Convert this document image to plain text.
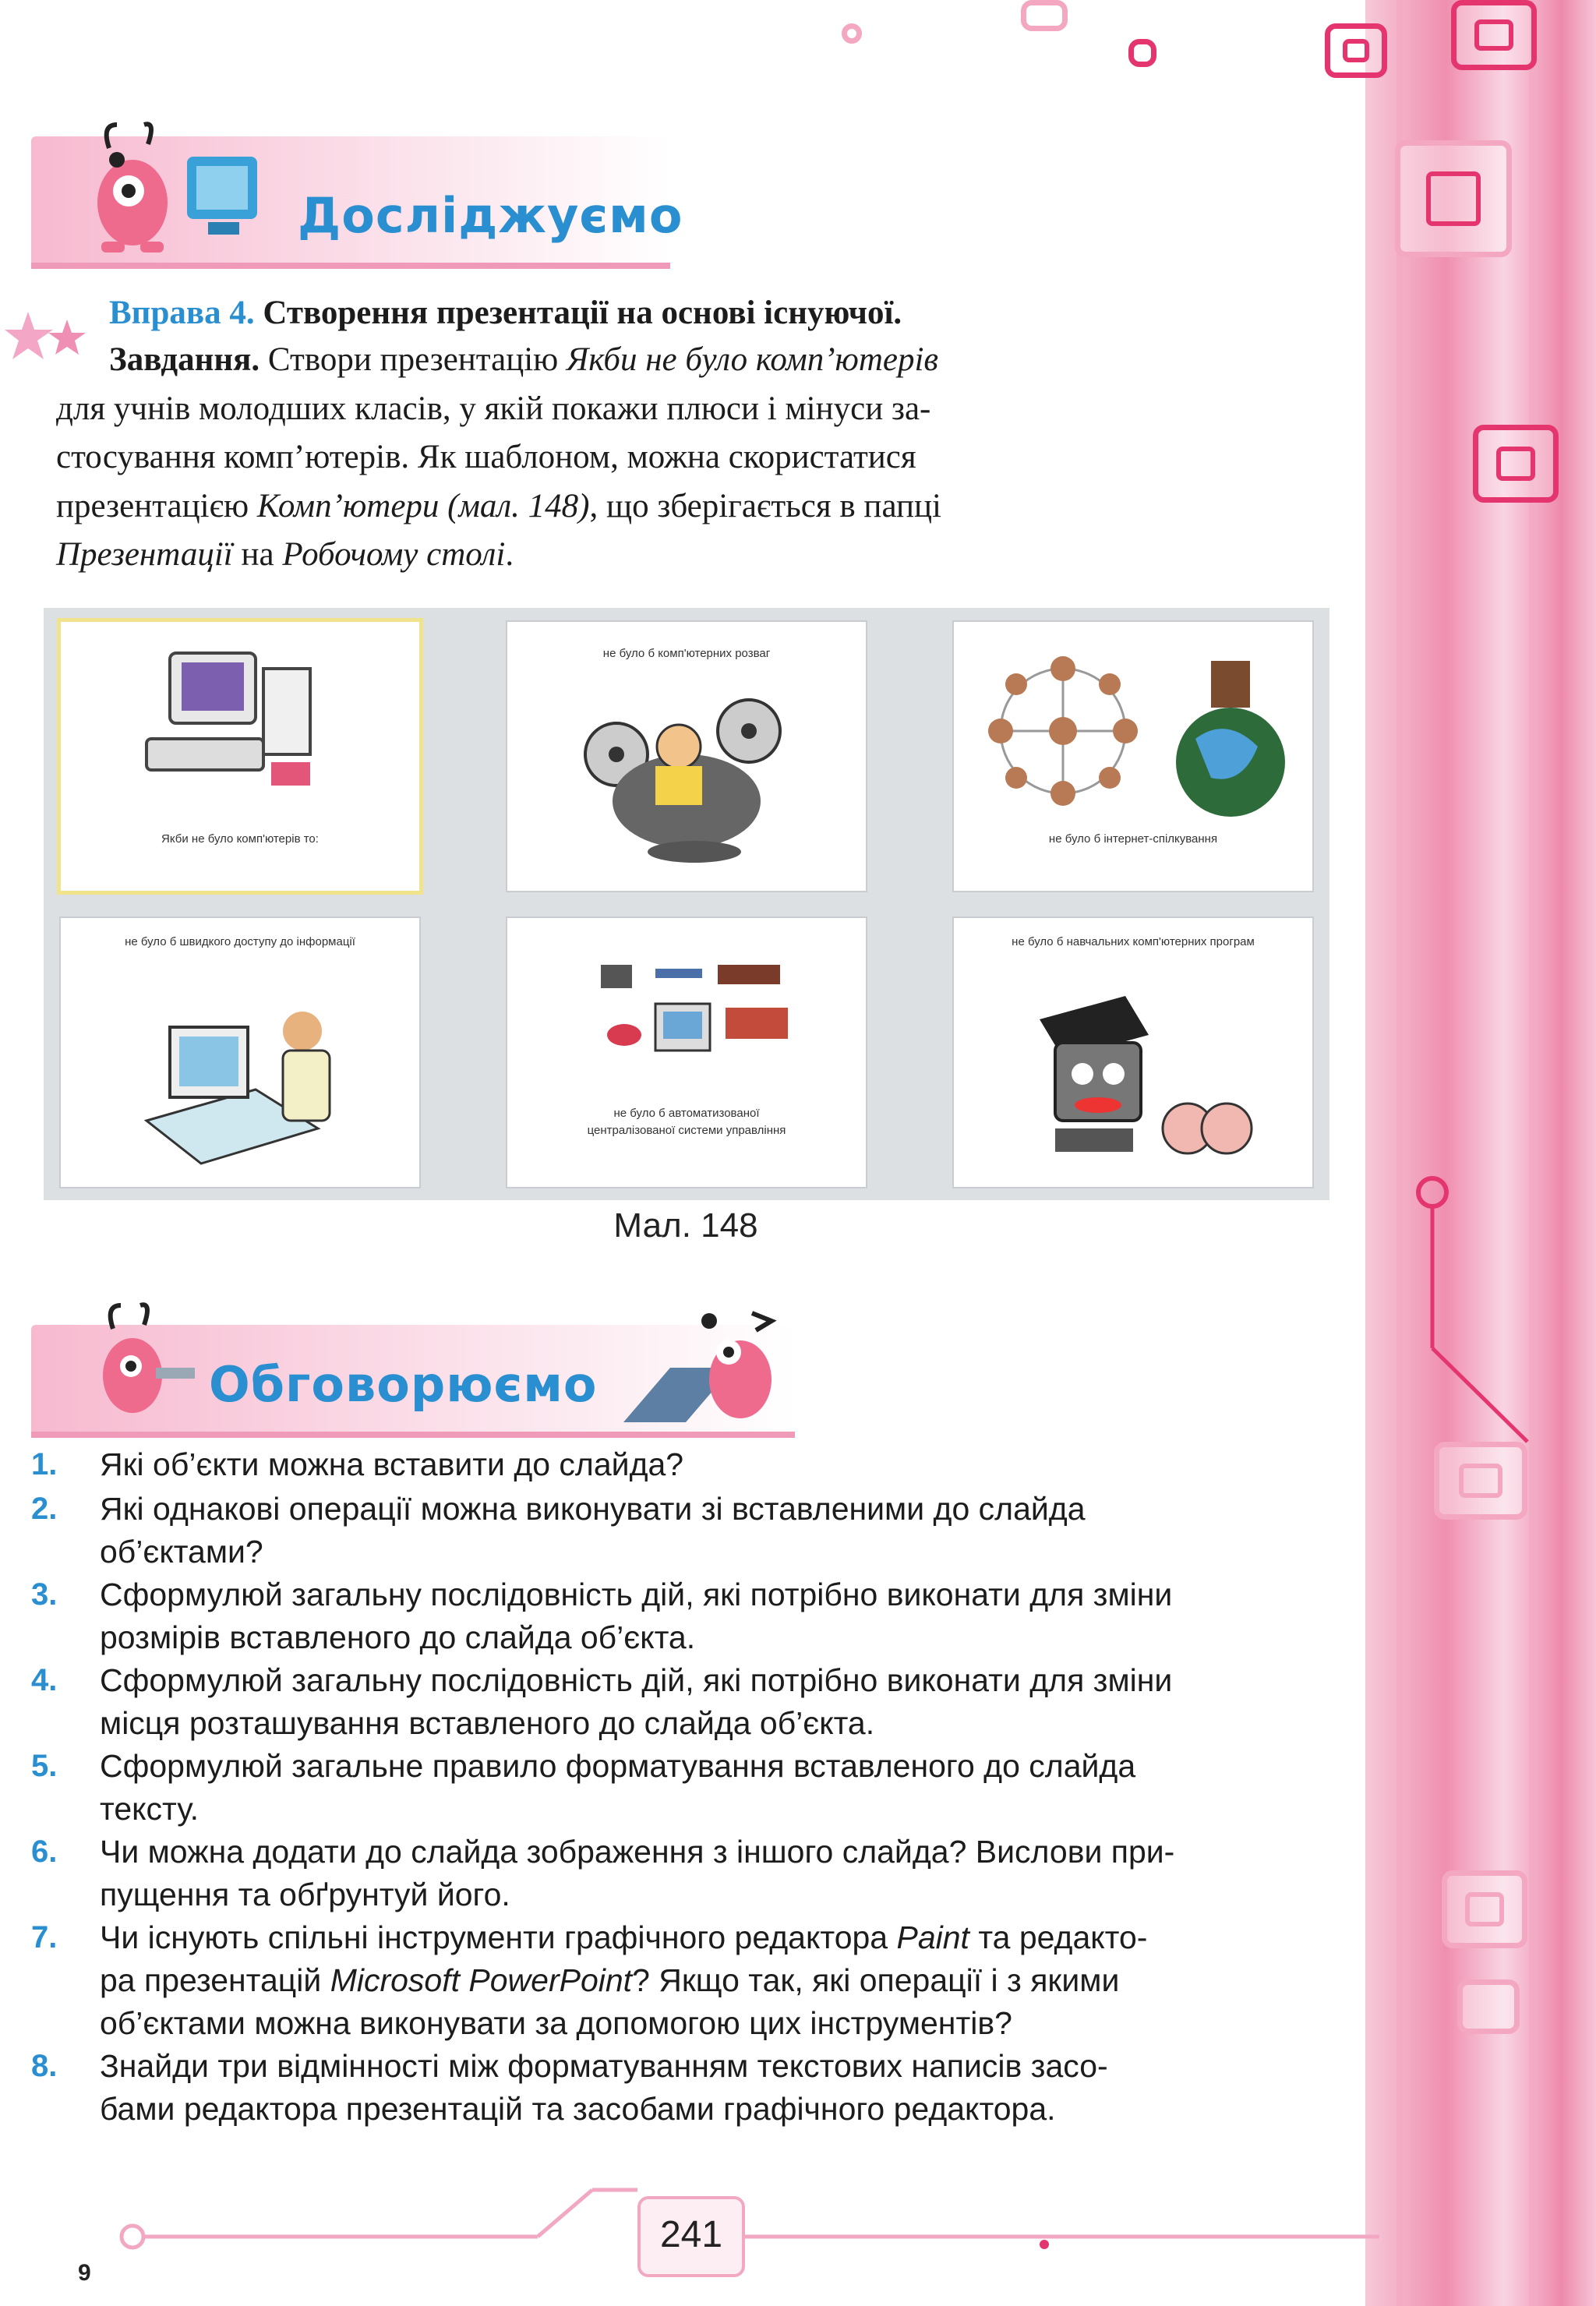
Досліджуємо
Вправа 4. Створення презентації на основі існуючої.
Завдання. Створи презентацію Якби не було комп’ютерів
для учнів молодших класів, у якій покажи плюси і мінуси за-
стосування комп’ютерів. Як шаблоном, можна скористатися
презентацією Комп’ютери (мал. 148), що зберігається в папці
Презентації на Робочому столі.
Якби не було комп'ютерів то:
не було б комп'ютерних розваг
не було б інтернет-спілкування
не було б швидкого доступу до інформації
не було б автоматизованої централізованої системи управління
не було б навчальних комп'ютерних програм
Мал. 148
Обговорюємо
1.	Які об’єкти можна вставити до слайда?
2.	Які однакові операції можна виконувати зі вставленими до слайда
об’єктами?
3.	Сформулюй загальну послідовність дій, які потрібно виконати для зміни
розмірів вставленого до слайда об’єкта.
4.	Сформулюй загальну послідовність дій, які потрібно виконати для зміни
місця розташування вставленого до слайда об’єкта.
5.	Сформулюй загальне правило форматування вставленого до слайда
тексту.
6.	Чи можна додати до слайда зображення з іншого слайда? Вислови при-
пущення та обґрунтуй його.
7.	Чи існують спільні інструменти графічного редактора Paint та редакто-
ра презентацій Microsoft PowerPoint? Якщо так, які операції і з якими
об’єктами можна виконувати за допомогою цих інструментів?
8.	Знайди три відмінності між форматуванням текстових написів засо-
бами редактора презентацій та засобами графічного редактора.
241
9
